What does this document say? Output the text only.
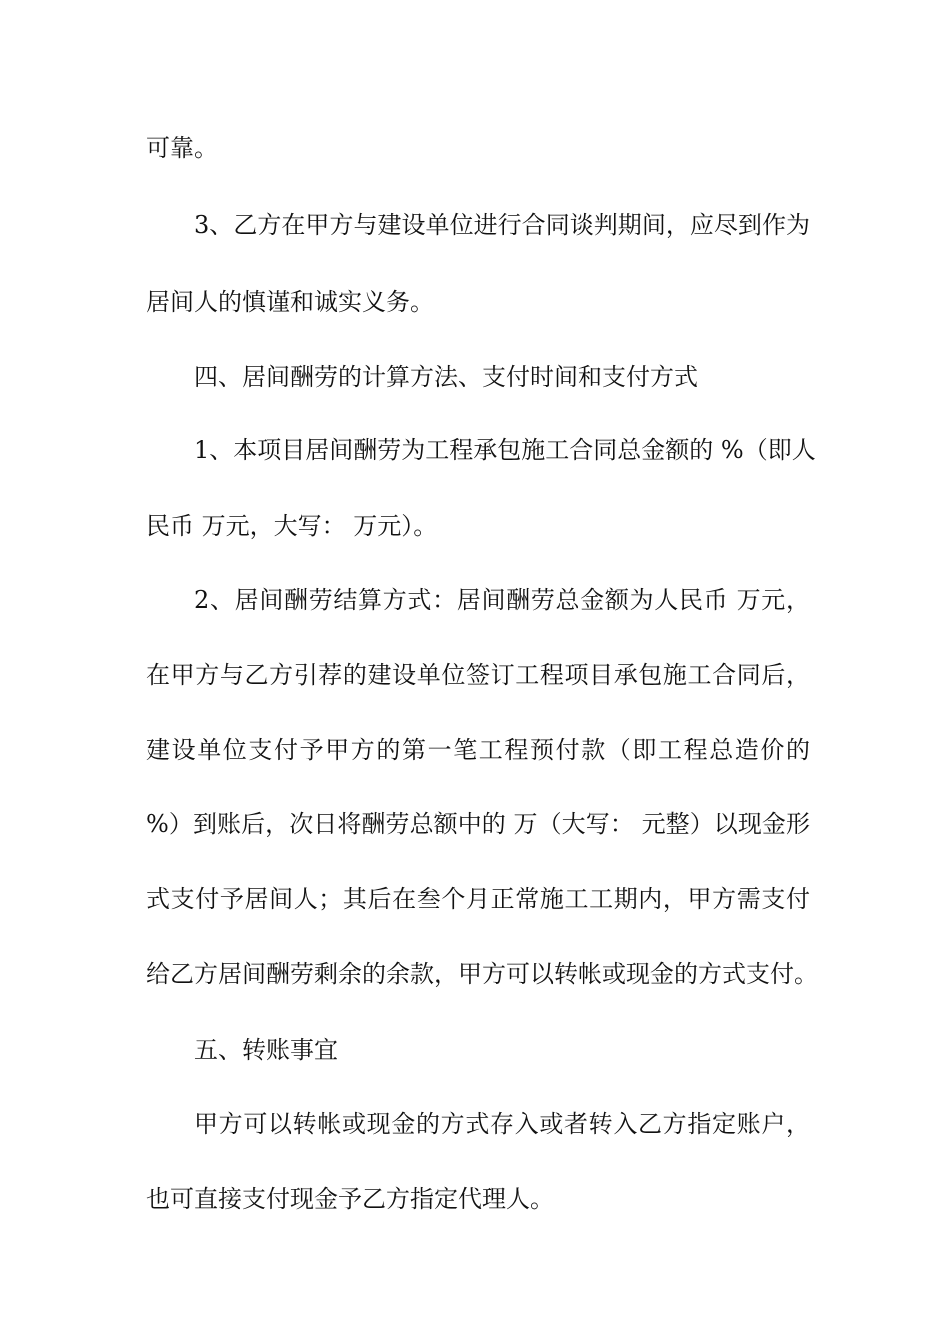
可靠。
3、乙方在甲方与建设单位进行合同谈判期间，应尽到作为
居间人的慎谨和诚实义务。
四、居间酬劳的计算方法、支付时间和支付方式
1、本项目居间酬劳为工程承包施工合同总金额的 %（即人
民币 万元，大写： 万元）。
2、居间酬劳结算方式：居间酬劳总金额为人民币 万元，
在甲方与乙方引荐的建设单位签订工程项目承包施工合同后，
建设单位支付予甲方的第一笔工程预付款（即工程总造价的
%）到账后，次日将酬劳总额中的 万（大写： 元整）以现金形
式支付予居间人；其后在叁个月正常施工工期内，甲方需支付
给乙方居间酬劳剩余的余款，甲方可以转帐或现金的方式支付。
五、转账事宜
甲方可以转帐或现金的方式存入或者转入乙方指定账户，
也可直接支付现金予乙方指定代理人。
